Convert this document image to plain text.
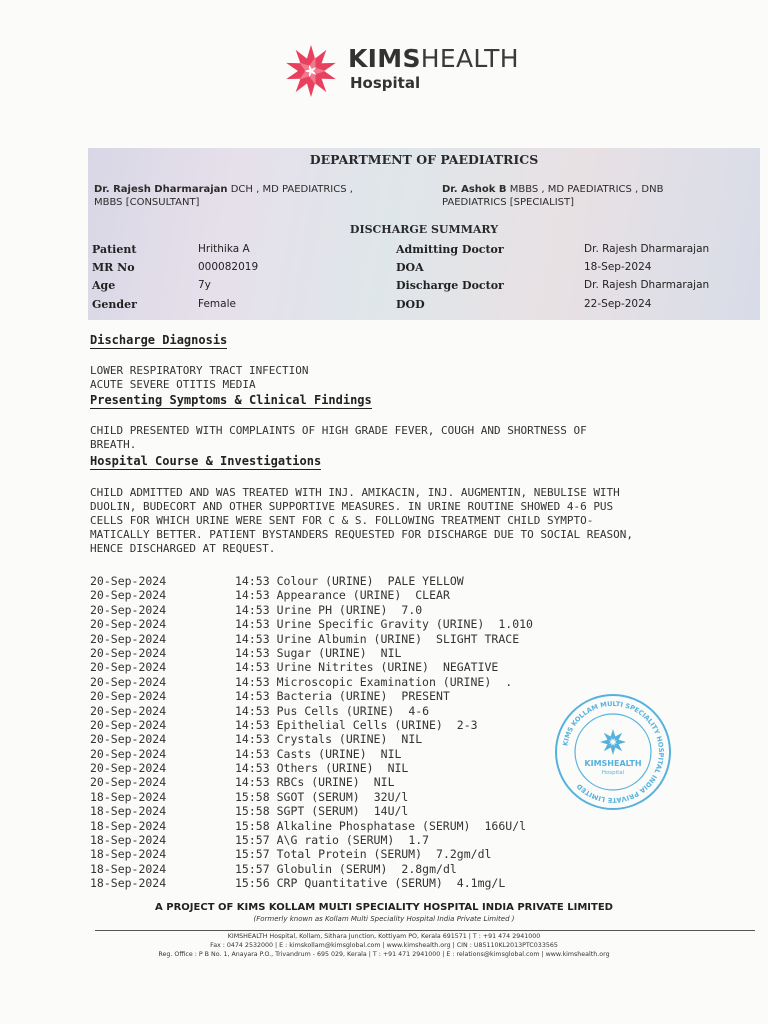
KIMSHEALTH
Hospital
DEPARTMENT OF PAEDIATRICS
Dr. Rajesh Dharmarajan DCH , MD PAEDIATRICS ,
MBBS [CONSULTANT]
Dr. Ashok B MBBS , MD PAEDIATRICS , DNB
PAEDIATRICS [SPECIALIST]
DISCHARGE SUMMARY
Patient	Hrithika A	Admitting Doctor	Dr. Rajesh Dharmarajan
MR No	000082019	DOA	18-Sep-2024
Age	7y	Discharge Doctor	Dr. Rajesh Dharmarajan
Gender	Female	DOD	22-Sep-2024
Discharge Diagnosis
LOWER RESPIRATORY TRACT INFECTION
ACUTE SEVERE OTITIS MEDIA
Presenting Symptoms & Clinical Findings
CHILD PRESENTED WITH COMPLAINTS OF HIGH GRADE FEVER, COUGH AND SHORTNESS OF
BREATH.
Hospital Course & Investigations
CHILD ADMITTED AND WAS TREATED WITH INJ. AMIKACIN, INJ. AUGMENTIN, NEBULISE WITH
DUOLIN, BUDECORT AND OTHER SUPPORTIVE MEASURES. IN URINE ROUTINE SHOWED 4-6 PUS
CELLS FOR WHICH URINE WERE SENT FOR C & S. FOLLOWING TREATMENT CHILD SYMPTO-
MATICALLY BETTER. PATIENT BYSTANDERS REQUESTED FOR DISCHARGE DUE TO SOCIAL REASON,
HENCE DISCHARGED AT REQUEST.
20-Sep-2024	14:53 Colour (URINE) PALE YELLOW
20-Sep-2024	14:53 Appearance (URINE) CLEAR
20-Sep-2024	14:53 Urine PH (URINE) 7.0
20-Sep-2024	14:53 Urine Specific Gravity (URINE) 1.010
20-Sep-2024	14:53 Urine Albumin (URINE) SLIGHT TRACE
20-Sep-2024	14:53 Sugar (URINE) NIL
20-Sep-2024	14:53 Urine Nitrites (URINE) NEGATIVE
20-Sep-2024	14:53 Microscopic Examination (URINE) .
20-Sep-2024	14:53 Bacteria (URINE) PRESENT
20-Sep-2024	14:53 Pus Cells (URINE) 4-6
20-Sep-2024	14:53 Epithelial Cells (URINE) 2-3
20-Sep-2024	14:53 Crystals (URINE) NIL
20-Sep-2024	14:53 Casts (URINE) NIL
20-Sep-2024	14:53 Others (URINE) NIL
20-Sep-2024	14:53 RBCs (URINE) NIL
18-Sep-2024	15:58 SGOT (SERUM) 32U/l
18-Sep-2024	15:58 SGPT (SERUM) 14U/l
18-Sep-2024	15:58 Alkaline Phosphatase (SERUM) 166U/l
18-Sep-2024	15:57 A\G ratio (SERUM) 1.7
18-Sep-2024	15:57 Total Protein (SERUM) 7.2gm/dl
18-Sep-2024	15:57 Globulin (SERUM) 2.8gm/dl
18-Sep-2024	15:56 CRP Quantitative (SERUM) 4.1mg/L
KIMS KOLLAM MULTI SPECIALITY HOSPITAL INDIA PRIVATE LIMITED
KIMSHEALTH
Hospital
A PROJECT OF KIMS KOLLAM MULTI SPECIALITY HOSPITAL INDIA PRIVATE LIMITED
(Formerly known as Kollam Multi Speciality Hospital India Private Limited )
KIMSHEALTH Hospital, Kollam, Sithara Junction, Kottiyam PO, Kerala 691571 | T : +91 474 2941000
Fax : 0474 2532000 | E : kimskollam@kimsglobal.com | www.kimshealth.org | CIN : U85110KL2013PTC033565
Reg. Office : P B No. 1, Anayara P.O., Trivandrum - 695 029, Kerala | T : +91 471 2941000 | E : relations@kimsglobal.com | www.kimshealth.org
